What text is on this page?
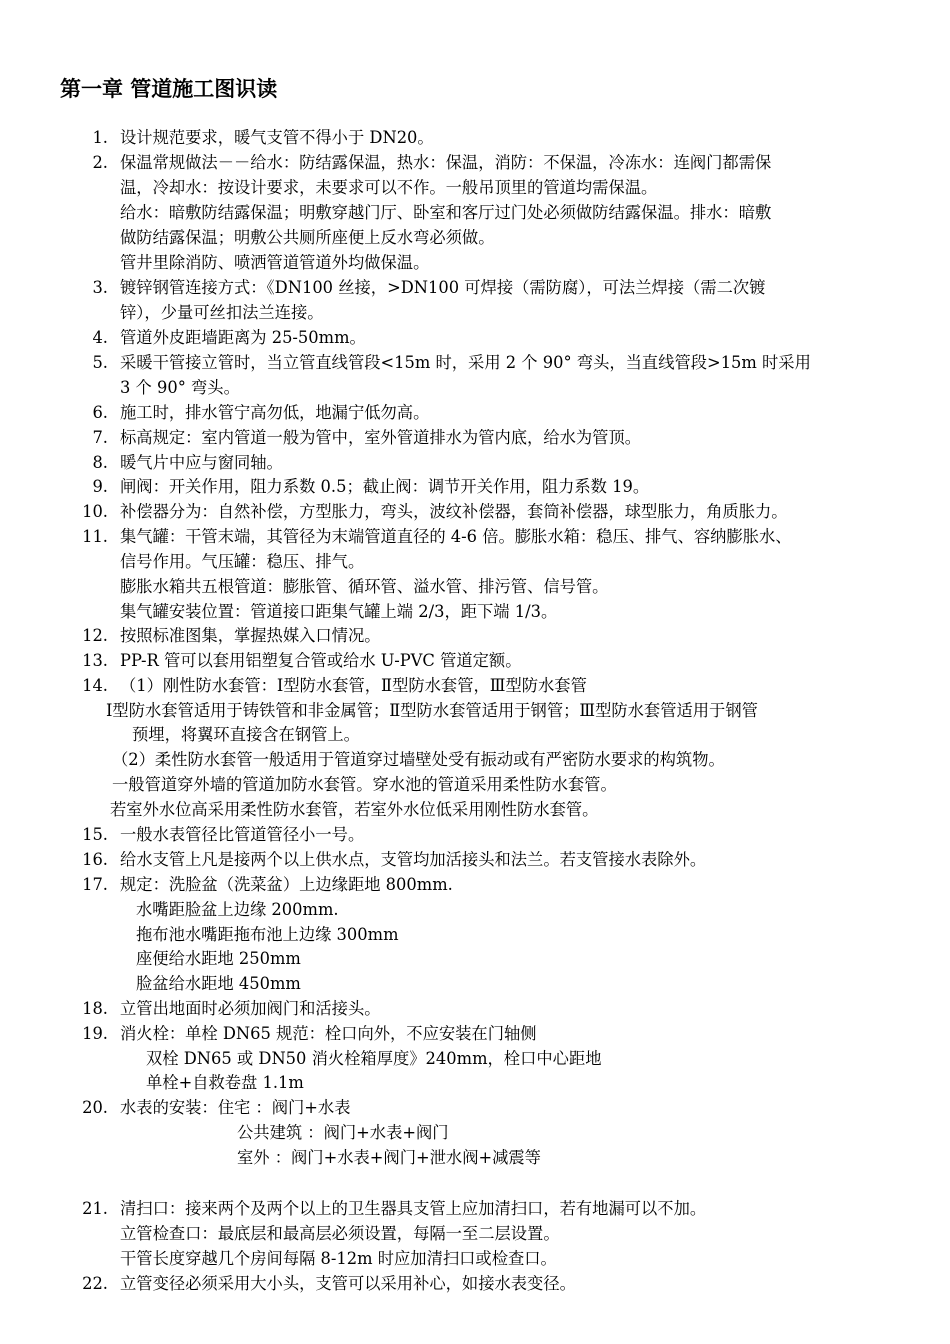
第一章 管道施工图识读
1. 设计规范要求，暖气支管不得小于 DN20。
2. 保温常规做法－－给水：防结露保温，热水：保温，消防：不保温，冷冻水：连阀门都需保
温，冷却水：按设计要求，未要求可以不作。一般吊顶里的管道均需保温。
给水：暗敷防结露保温；明敷穿越门厅、卧室和客厅过门处必须做防结露保温。排水：暗敷
做防结露保温；明敷公共厕所座便上反水弯必须做。
管井里除消防、喷洒管道管道外均做保温。
3. 镀锌钢管连接方式：《DN100 丝接，>DN100 可焊接（需防腐），可法兰焊接（需二次镀
锌），少量可丝扣法兰连接。
4. 管道外皮距墙距离为 25-50mm。
5. 采暖干管接立管时，当立管直线管段<15m 时，采用 2 个 90° 弯头，当直线管段>15m 时采用
3 个 90° 弯头。
6. 施工时，排水管宁高勿低，地漏宁低勿高。
7. 标高规定：室内管道一般为管中，室外管道排水为管内底，给水为管顶。
8. 暖气片中应与窗同轴。
9. 闸阀：开关作用，阻力系数 0.5；截止阀：调节开关作用，阻力系数 19。
10. 补偿器分为：自然补偿，方型胀力，弯头，波纹补偿器，套筒补偿器，球型胀力，角质胀力。
11. 集气罐：干管末端，其管径为末端管道直径的 4-6 倍。膨胀水箱：稳压、排气、容纳膨胀水、
信号作用。气压罐：稳压、排气。
膨胀水箱共五根管道：膨胀管、循环管、溢水管、排污管、信号管。
集气罐安装位置：管道接口距集气罐上端 2/3，距下端 1/3。
12. 按照标准图集，掌握热媒入口情况。
13. PP-R 管可以套用铝塑复合管或给水 U-PVC 管道定额。
14. （1）刚性防水套管：Ⅰ型防水套管，Ⅱ型防水套管，Ⅲ型防水套管
Ⅰ型防水套管适用于铸铁管和非金属管；Ⅱ型防水套管适用于钢管；Ⅲ型防水套管适用于钢管
预埋，将翼环直接含在钢管上。
（2）柔性防水套管一般适用于管道穿过墙壁处受有振动或有严密防水要求的构筑物。
一般管道穿外墙的管道加防水套管。穿水池的管道采用柔性防水套管。
若室外水位高采用柔性防水套管，若室外水位低采用刚性防水套管。
15. 一般水表管径比管道管径小一号。
16. 给水支管上凡是接两个以上供水点，支管均加活接头和法兰。若支管接水表除外。
17. 规定：洗脸盆（洗菜盆）上边缘距地 800mm.
水嘴距脸盆上边缘 200mm.
拖布池水嘴距拖布池上边缘 300mm
座便给水距地 250mm
脸盆给水距地 450mm
18. 立管出地面时必须加阀门和活接头。
19. 消火栓：单栓 DN65 规范：栓口向外，不应安装在门轴侧
双栓 DN65 或 DN50 消火栓箱厚度》240mm，栓口中心距地
单栓+自救卷盘 1.1m
20. 水表的安装：住宅 ：阀门+水表
公共建筑 ：阀门+水表+阀门
室外 ：阀门+水表+阀门+泄水阀+减震等
21. 清扫口：接来两个及两个以上的卫生器具支管上应加清扫口，若有地漏可以不加。
立管检查口：最底层和最高层必须设置，每隔一至二层设置。
干管长度穿越几个房间每隔 8-12m 时应加清扫口或检查口。
22. 立管变径必须采用大小头，支管可以采用补心，如接水表变径。
